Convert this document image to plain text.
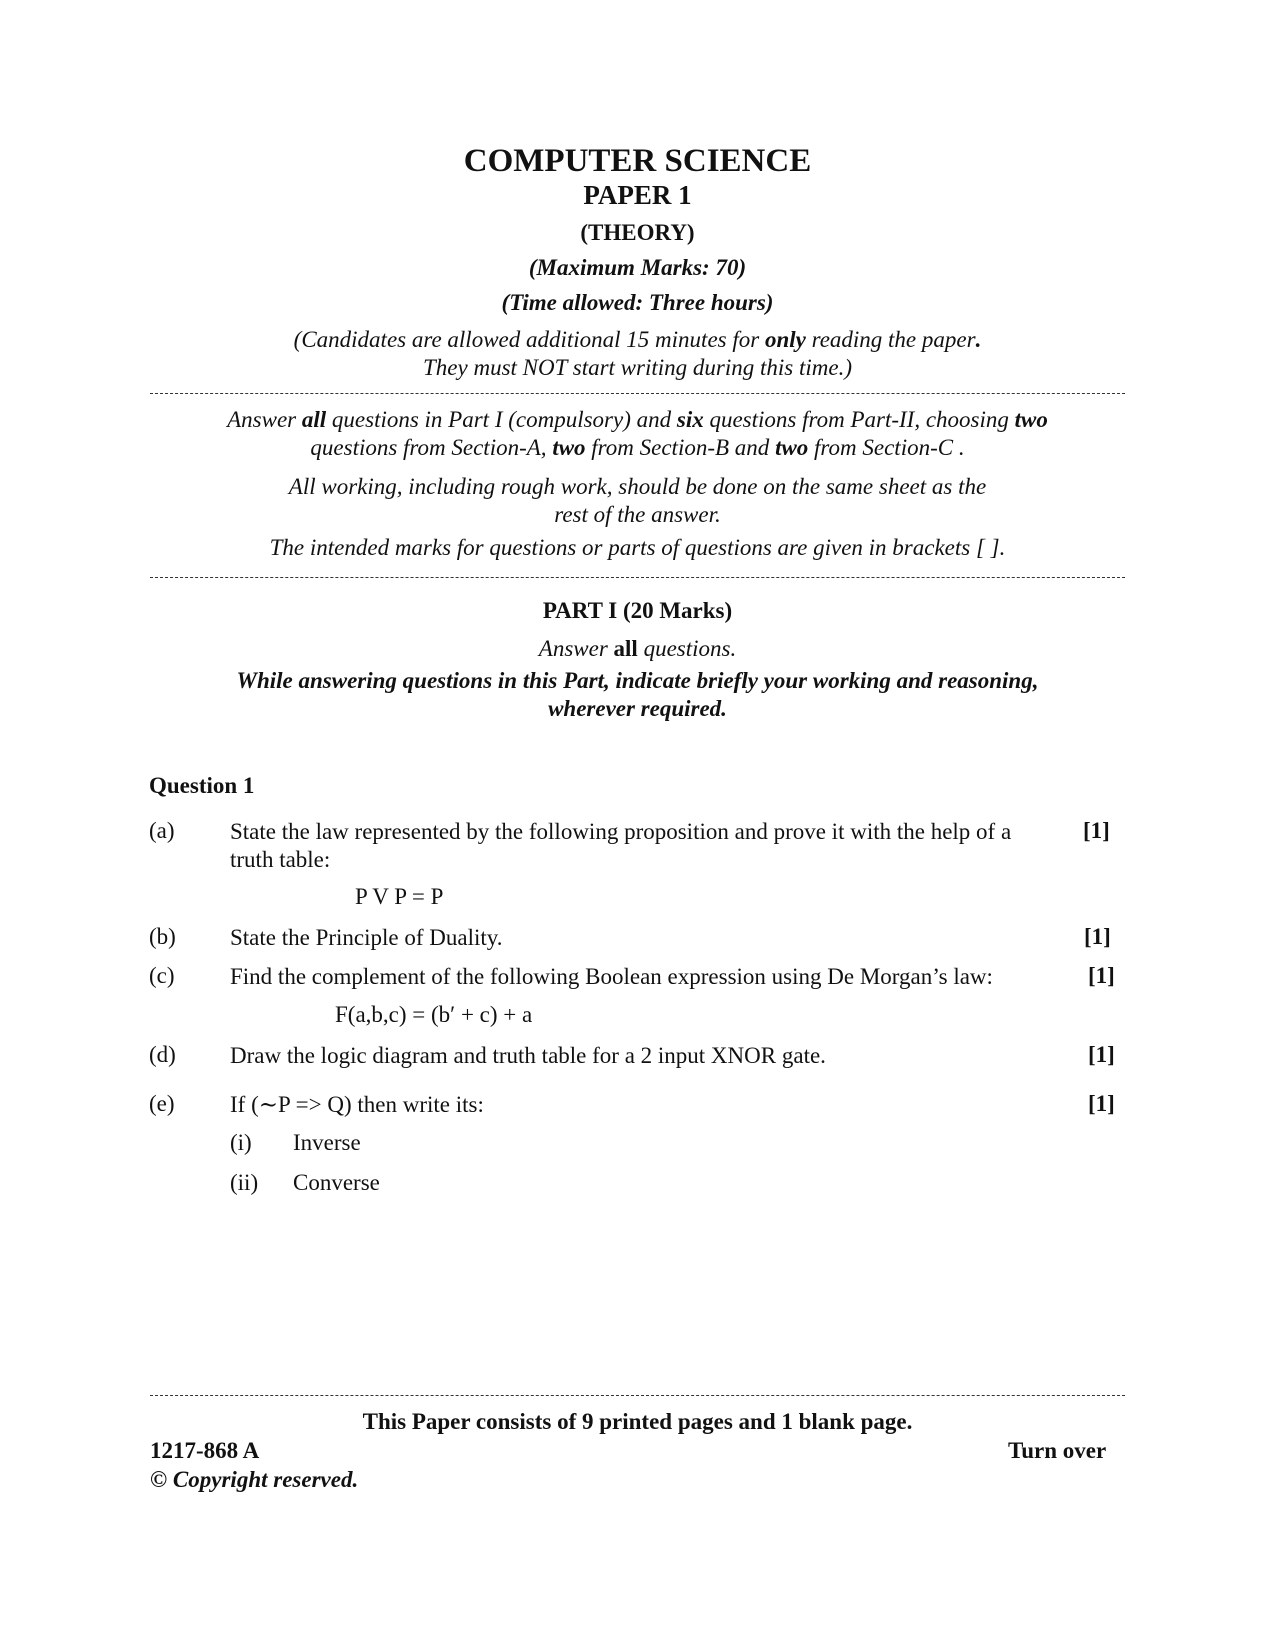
COMPUTER SCIENCE
PAPER 1
(THEORY)
(Maximum Marks: 70)
(Time allowed: Three hours)
(Candidates are allowed additional 15 minutes for only reading the paper.
They must NOT start writing during this time.)
Answer all questions in Part I (compulsory) and six questions from Part-II, choosing two
questions from Section-A, two from Section-B and two from Section-C .
All working, including rough work, should be done on the same sheet as the
rest of the answer.
The intended marks for questions or parts of questions are given in brackets [ ].
PART I (20 Marks)
Answer all questions.
While answering questions in this Part, indicate briefly your working and reasoning,
wherever required.
Question 1
(a) State the law represented by the following proposition and prove it with the help of a truth table:
[1]
P V P = P
(b) State the Principle of Duality.	[1]
(c) Find the complement of the following Boolean expression using De Morgan’s law:	[1]
F(a,b,c) = (b′ + c) + a
(d) Draw the logic diagram and truth table for a 2 input XNOR gate.	[1]
(e) If (∼P => Q) then write its:	[1]
(i) Inverse
(ii) Converse
This Paper consists of 9 printed pages and 1 blank page.
1217-868 A	Turn over
© Copyright reserved.
